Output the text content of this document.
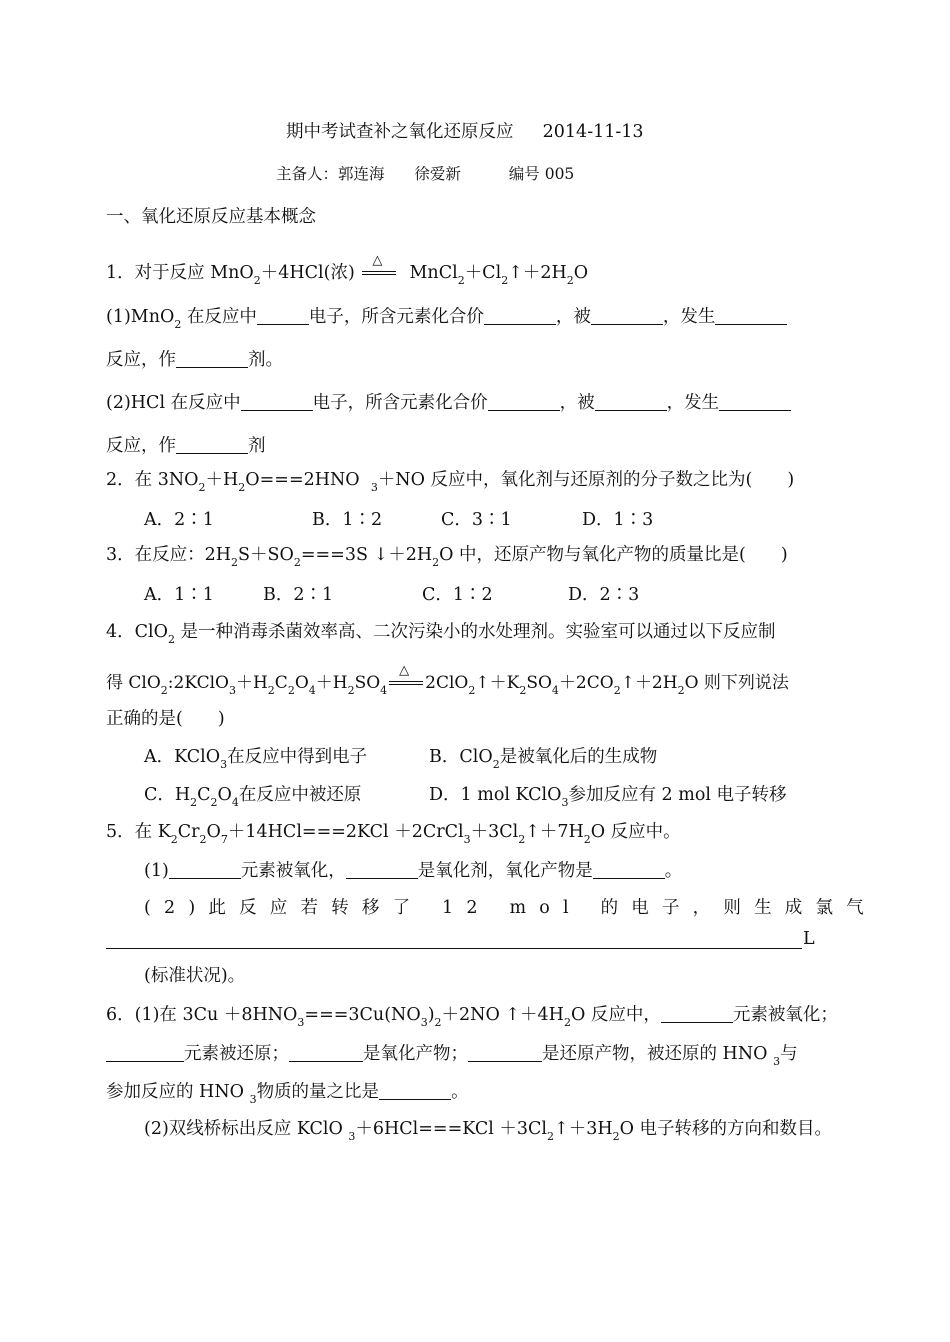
期中考试查补之氧化还原反应 2014-11-13
主备人：郭连海 徐爱新	编号 005
一、氧化还原反应基本概念
1．对于反应 MnO$_2$＋4HCl(浓)
△
$MnCl_2+Cl_2↑+2H_2O$
(1)MnO$_2$ 在反应中	电子，所含元素化合价	，被	，发生
反应，作	剂。
(2)HCl 在反应中	电子，所含元素化合价	，被	，发生
反应，作	剂
2．在 $3NO_2+H_2O===2HNO$ $_3$＋NO 反应中，氧化剂与还原剂的分子数之比为(　　)
A．2∶1	B．1∶2	C．3∶1	D．1∶3
3．在反应：$2H_2S+SO_2===3S$ $↓+2H_2O$ 中，还原产物与氧化产物的质量比是(　　)
A．1∶1	B．2∶1	C．1∶2	D．2∶3
4．ClO$_2$ 是一种消毒杀菌效率高、二次污染小的水处理剂。实验室可以通过以下反应制
得 $ClO_2:2KClO_3+H_2C_2O_4+H_2SO_4$
△
$2ClO_2↑+K_2SO_4+2CO_2↑+2H_2O$ 则下列说法
正确的是(　　)
A．KClO$_3$在反应中得到电子	B．ClO$_2$是被氧化后的生成物
C．$H_2C_2O_4$在反应中被还原	D．1 mol KClO$_3$参加反应有 2 mol 电子转移
5．在 $K_2Cr_2O_7+14HCl===2KCl$ $+2CrCl_3+3Cl_2↑+7H_2O$ 反应中。
(1)	元素被氧化，	是氧化剂，氧化产物是	。
(2)此反应若转移了 12 mol 的电子，则生成氯气
L
(标准状况)。
6．(1)在 $3Cu +8HNO_3===3Cu(NO_3)_2+2NO$ $↑+4H_2O$ 反应中，	元素被氧化；
元素被还原；	是氧化产物；	是还原产物，被还原的 HNO $_3$与
参加反应的 HNO $_3$物质的量之比是	。
(2)双线桥标出反应 KClO $_3+6HCl===KCl +3Cl_2↑+3H_2O$ 电子转移的方向和数目。
